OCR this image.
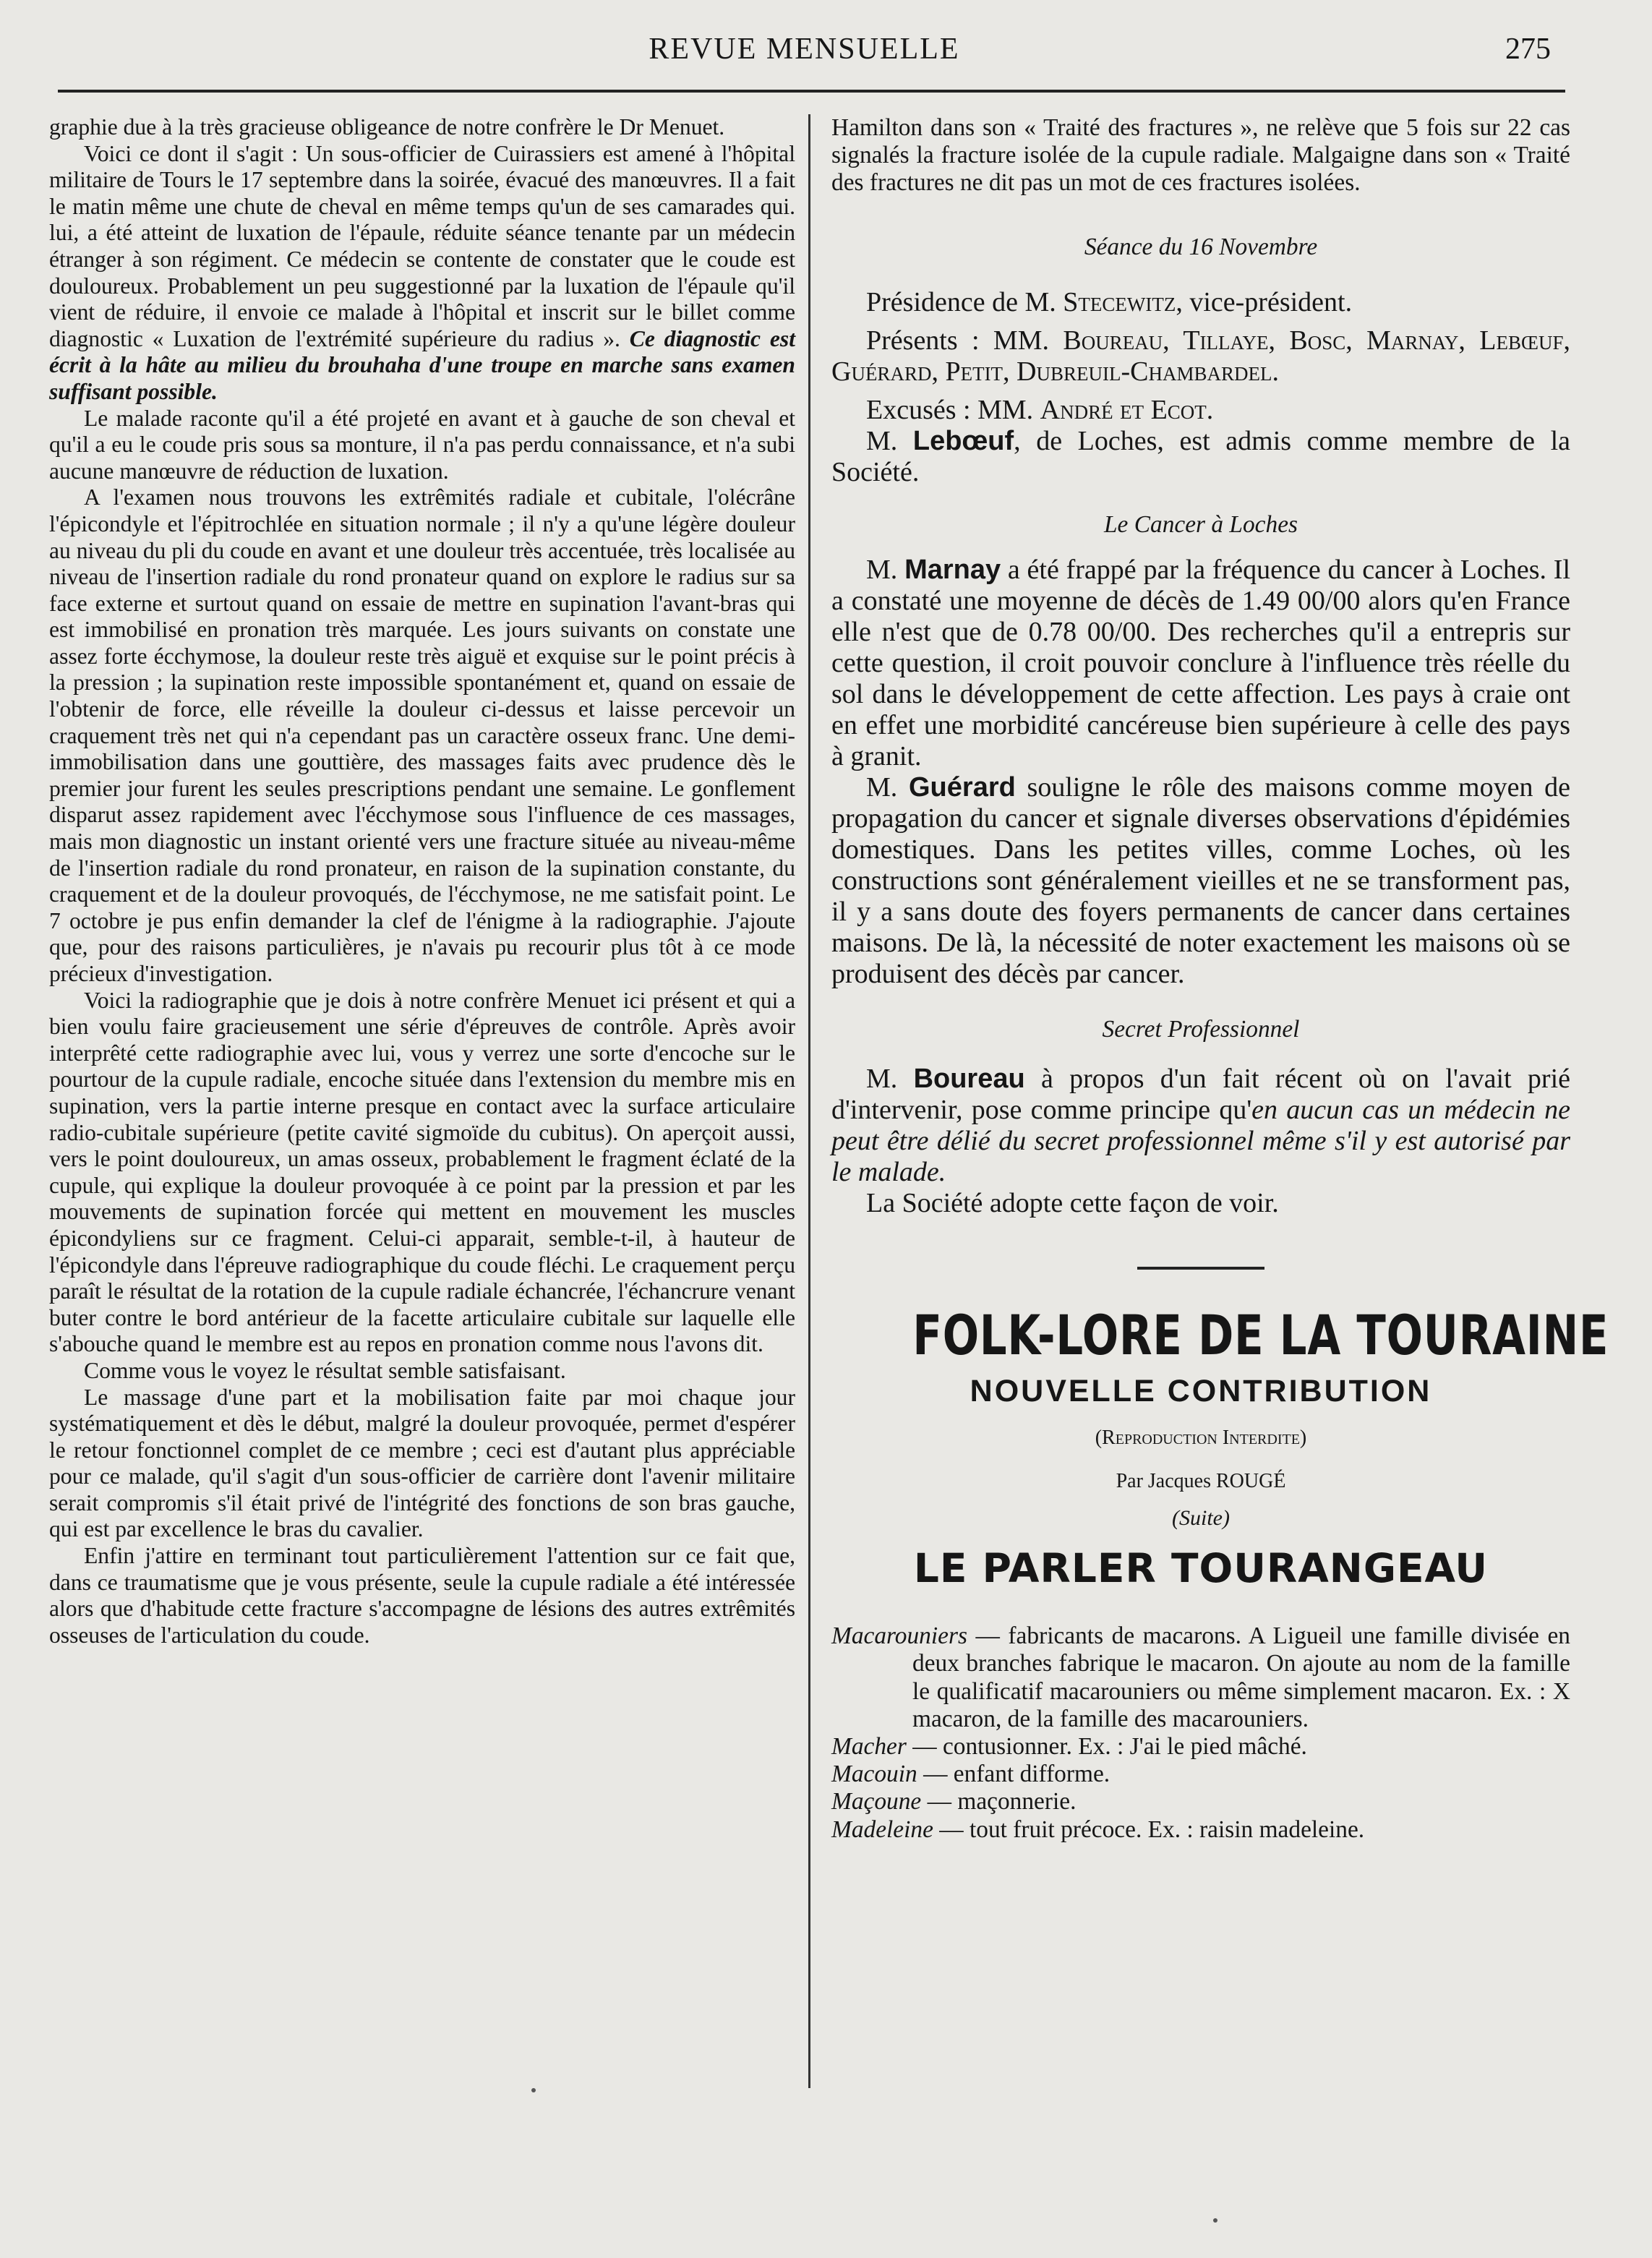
REVUE MENSUELLE	275

graphie due à la très gracieuse obligeance de notre confrère le Dr Menuet.

Voici ce dont il s'agit : Un sous-officier de Cuirassiers est amené à l'hôpital militaire de Tours le 17 septembre dans la soirée, évacué des manœuvres. Il a fait le matin même une chute de cheval en même temps qu'un de ses camarades qui. lui, a été atteint de luxation de l'épaule, réduite séance tenante par un médecin étranger à son régiment. Ce médecin se contente de constater que le coude est douloureux. Probablement un peu suggestionné par la luxation de l'épaule qu'il vient de réduire, il envoie ce malade à l'hôpital et inscrit sur le billet comme diagnostic « Luxation de l'extrémité supérieure du radius ». Ce diagnostic est écrit à la hâte au milieu du brouhaha d'une troupe en marche sans examen suffisant possible.

Le malade raconte qu'il a été projeté en avant et à gauche de son cheval et qu'il a eu le coude pris sous sa monture, il n'a pas perdu connaissance, et n'a subi aucune manœuvre de réduction de luxation.

A l'examen nous trouvons les extrêmités radiale et cubitale, l'olécrâne l'épicondyle et l'épitrochlée en situation normale ; il n'y a qu'une légère douleur au niveau du pli du coude en avant et une douleur très accentuée, très localisée au niveau de l'insertion radiale du rond pronateur quand on explore le radius sur sa face externe et surtout quand on essaie de mettre en supination l'avant-bras qui est immobilisé en pronation très marquée. Les jours suivants on constate une assez forte écchymose, la douleur reste très aiguë et exquise sur le point précis à la pression ; la supination reste impossible spontanément et, quand on essaie de l'obtenir de force, elle réveille la douleur ci-dessus et laisse percevoir un craquement très net qui n'a cependant pas un caractère osseux franc. Une demi-immobilisation dans une gouttière, des massages faits avec prudence dès le premier jour furent les seules prescriptions pendant une semaine. Le gonflement disparut assez rapidement avec l'écchymose sous l'influence de ces massages, mais mon diagnostic un instant orienté vers une fracture située au niveau-même de l'insertion radiale du rond pronateur, en raison de la supination constante, du craquement et de la douleur provoqués, de l'écchymose, ne me satisfait point. Le 7 octobre je pus enfin demander la clef de l'énigme à la radiographie. J'ajoute que, pour des raisons particulières, je n'avais pu recourir plus tôt à ce mode précieux d'investigation.

Voici la radiographie que je dois à notre confrère Menuet ici présent et qui a bien voulu faire gracieusement une série d'épreuves de contrôle. Après avoir interprêté cette radiographie avec lui, vous y verrez une sorte d'encoche sur le pourtour de la cupule radiale, encoche située dans l'extension du membre mis en supination, vers la partie interne presque en contact avec la surface articulaire radio-cubitale supérieure (petite cavité sigmoïde du cubitus). On aperçoit aussi, vers le point douloureux, un amas osseux, probablement le fragment éclaté de la cupule, qui explique la douleur provoquée à ce point par la pression et par les mouvements de supination forcée qui mettent en mouvement les muscles épicondyliens sur ce fragment. Celui-ci apparait, semble-t-il, à hauteur de l'épicondyle dans l'épreuve radiographique du coude fléchi. Le craquement perçu paraît le résultat de la rotation de la cupule radiale échancrée, l'échancrure venant buter contre le bord antérieur de la facette articulaire cubitale sur laquelle elle s'abouche quand le membre est au repos en pronation comme nous l'avons dit.

Comme vous le voyez le résultat semble satisfaisant.

Le massage d'une part et la mobilisation faite par moi chaque jour systématiquement et dès le début, malgré la douleur provoquée, permet d'espérer le retour fonctionnel complet de ce membre ; ceci est d'autant plus appréciable pour ce malade, qu'il s'agit d'un sous-officier de carrière dont l'avenir militaire serait compromis s'il était privé de l'intégrité des fonctions de son bras gauche, qui est par excellence le bras du cavalier.

Enfin j'attire en terminant tout particulièrement l'attention sur ce fait que, dans ce traumatisme que je vous présente, seule la cupule radiale a été intéressée alors que d'habitude cette fracture s'accompagne de lésions des autres extrêmités osseuses de l'articulation du coude.

Hamilton dans son « Traité des fractures », ne relève que 5 fois sur 22 cas signalés la fracture isolée de la cupule radiale. Malgaigne dans son « Traité des fractures ne dit pas un mot de ces fractures isolées.

Séance du 16 Novembre

Présidence de M. Stecewitz, vice-président.

Présents : MM. Boureau, Tillaye, Bosc, Marnay, Lebœuf, Guérard, Petit, Dubreuil-Chambardel.

Excusés : MM. André et Ecot.

M. Lebœuf, de Loches, est admis comme membre de la Société.

Le Cancer à Loches

M. Marnay a été frappé par la fréquence du cancer à Loches. Il a constaté une moyenne de décès de 1.49 00/00 alors qu'en France elle n'est que de 0.78 00/00. Des recherches qu'il a entrepris sur cette question, il croit pouvoir conclure à l'influence très réelle du sol dans le développement de cette affection. Les pays à craie ont en effet une morbidité cancéreuse bien supérieure à celle des pays à granit.

M. Guérard souligne le rôle des maisons comme moyen de propagation du cancer et signale diverses observations d'épidémies domestiques. Dans les petites villes, comme Loches, où les constructions sont généralement vieilles et ne se transforment pas, il y a sans doute des foyers permanents de cancer dans certaines maisons. De là, la nécessité de noter exactement les maisons où se produisent des décès par cancer.

Secret Professionnel

M. Boureau à propos d'un fait récent où on l'avait prié d'intervenir, pose comme principe qu'en aucun cas un médecin ne peut être délié du secret professionnel même s'il y est autorisé par le malade.

La Société adopte cette façon de voir.

FOLK-LORE DE LA TOURAINE
NOUVELLE CONTRIBUTION
(Reproduction Interdite)
Par Jacques ROUGÉ
(Suite)
LE PARLER TOURANGEAU

Macarouniers — fabricants de macarons. A Ligueil une famille divisée en deux branches fabrique le macaron. On ajoute au nom de la famille le qualificatif macarouniers ou même simplement macaron. Ex. : X macaron, de la famille des macarouniers.

Macher — contusionner. Ex. : J'ai le pied mâché.

Macouin — enfant difforme.

Maçoune — maçonnerie.

Madeleine — tout fruit précoce. Ex. : raisin madeleine.
